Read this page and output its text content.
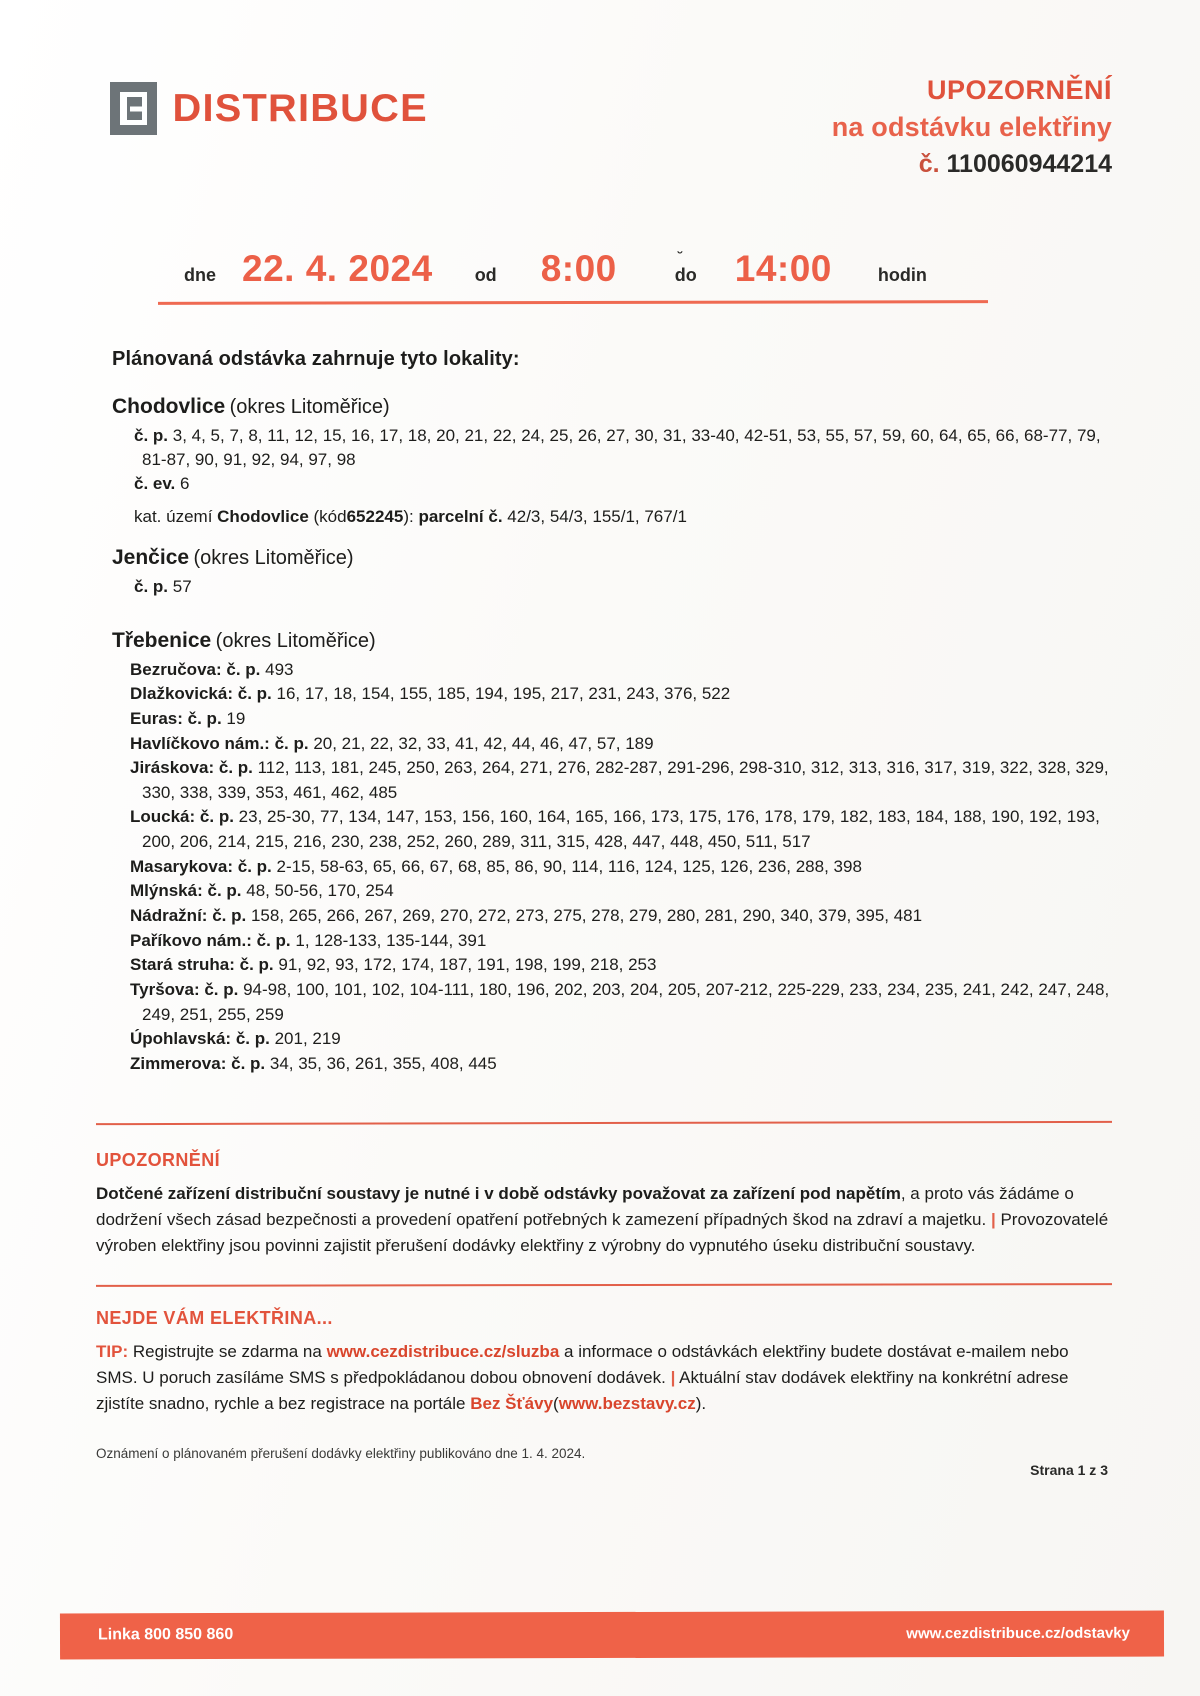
DISTRIBUCE	UPOZORNĚNÍ
na odstávku elektřiny
č. 110060944214
dne 22. 4. 2024 od 8:00	˘
do 14:00	hodin
Plánovaná odstávka zahrnuje tyto lokality:
Chodovlice (okres Litoměřice)
č. p. 3, 4, 5, 7, 8, 11, 12, 15, 16, 17, 18, 20, 21, 22, 24, 25, 26, 27, 30, 31, 33-40, 42-51, 53, 55, 57, 59, 60, 64, 65, 66, 68-77, 79, 81-87, 90, 91, 92, 94, 97, 98
č. ev. 6
kat. území Chodovlice (kód652245): parcelní č. 42/3, 54/3, 155/1, 767/1
Jenčice (okres Litoměřice)
č. p. 57
Třebenice (okres Litoměřice)
Bezručova: č. p. 493
Dlažkovická: č. p. 16, 17, 18, 154, 155, 185, 194, 195, 217, 231, 243, 376, 522
Euras: č. p. 19
Havlíčkovo nám.: č. p. 20, 21, 22, 32, 33, 41, 42, 44, 46, 47, 57, 189
Jiráskova: č. p. 112, 113, 181, 245, 250, 263, 264, 271, 276, 282-287, 291-296, 298-310, 312, 313, 316, 317, 319, 322, 328, 329, 330, 338, 339, 353, 461, 462, 485
Loucká: č. p. 23, 25-30, 77, 134, 147, 153, 156, 160, 164, 165, 166, 173, 175, 176, 178, 179, 182, 183, 184, 188, 190, 192, 193, 200, 206, 214, 215, 216, 230, 238, 252, 260, 289, 311, 315, 428, 447, 448, 450, 511, 517
Masarykova: č. p. 2-15, 58-63, 65, 66, 67, 68, 85, 86, 90, 114, 116, 124, 125, 126, 236, 288, 398
Mlýnská: č. p. 48, 50-56, 170, 254
Nádražní: č. p. 158, 265, 266, 267, 269, 270, 272, 273, 275, 278, 279, 280, 281, 290, 340, 379, 395, 481
Paříkovo nám.: č. p. 1, 128-133, 135-144, 391
Stará struha: č. p. 91, 92, 93, 172, 174, 187, 191, 198, 199, 218, 253
Tyršova: č. p. 94-98, 100, 101, 102, 104-111, 180, 196, 202, 203, 204, 205, 207-212, 225-229, 233, 234, 235, 241, 242, 247, 248, 249, 251, 255, 259
Úpohlavská: č. p. 201, 219
Zimmerova: č. p. 34, 35, 36, 261, 355, 408, 445
UPOZORNĚNÍ
Dotčené zařízení distribuční soustavy je nutné i v době odstávky považovat za zařízení pod napětím, a proto vás žádáme o dodržení všech zásad bezpečnosti a provedení opatření potřebných k zamezení případných škod na zdraví a majetku. | Provozovatelé výroben elektřiny jsou povinni zajistit přerušení dodávky elektřiny z výrobny do vypnutého úseku distribuční soustavy.
NEJDE VÁM ELEKTŘINA...
TIP: Registrujte se zdarma na www.cezdistribuce.cz/sluzba a informace o odstávkách elektřiny budete dostávat e-mailem nebo SMS. U poruch zasíláme SMS s předpokládanou dobou obnovení dodávek. | Aktuální stav dodávek elektřiny na konkrétní adrese zjistíte snadno, rychle a bez registrace na portále Bez Šťávy(www.bezstavy.cz).
Oznámení o plánovaném přerušení dodávky elektřiny publikováno dne 1. 4. 2024.
Strana 1 z 3
Linka 800 850 860	www.cezdistribuce.cz/odstavky
